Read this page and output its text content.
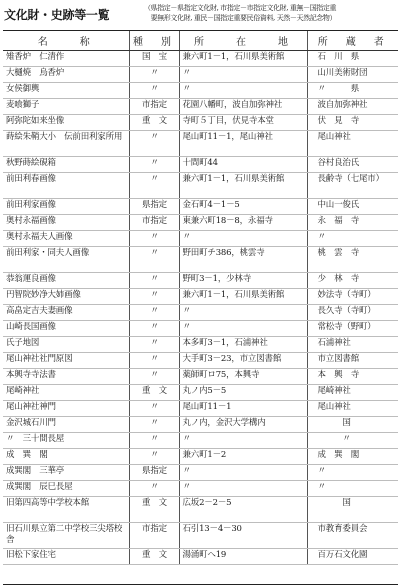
文化財・史跡等一覧	（県指定－県指定文化財, 市指定－市指定文化財, 重無－国指定重
　要無形文化財, 重民－国指定重要民俗資料, 天然－天然記念物）
名　　称	種　別	所　　在　　地	所　蔵　者
雉香炉　仁清作	国　宝	兼六町1－1，石川県美術館	石　川　県
大樋焼　烏香炉	〃	〃	山川美術財団
女侯御輿	〃	〃	〃　　　県
麦喰獅子	市指定	花園八幡町，波自加弥神社	波自加弥神社
阿弥陀如来坐像	重　文	寺町５丁目，伏見寺本堂	伏　見　寺
蒔絵朱鞘大小　伝前田利家所用	〃	尾山町11－1，尾山神社	尾山神社
秋野蒔絵硯箱	〃	十間町44	谷村良治氏
前田利春画像	〃	兼六町1－1，石川県美術館	長齢寺（七尾市）
前田利家画像	県指定	金石町4－1－5	中山一俊氏
奥村永福画像	市指定	東兼六町18－8，永福寺	永　福　寺
奥村永福夫人画像	〃	〃	〃
前田利家・同夫人画像	〃	野田町チ386，桃雲寺	桃　雲　寺
恭翁運良画像	〃	野町3－1，少林寺	少　林　寺
円智院妙净大姉画像	〃	兼六町1－1，石川県美術館	妙法寺（寺町）
高畠定吉夫妻画像	〃	〃	長久寺（寺町）
山崎長国画像	〃	〃	常松寺（野町）
氏子地図	〃	本多町3－1，石浦神社	石浦神社
尾山神社社門原図	〃	大手町3－23，市立図書館	市立図書館
本興寺寺法書	〃	薬師町ロ75，本興寺	本　興　寺
尾崎神社	重　文	丸ノ内5－5	尾崎神社
尾山神社神門	〃	尾山町11－1	尾山神社
金沢城石川門	〃	丸ノ内，金沢大学構内	　　　国
〃　三十間長屋	〃	〃	　　　〃
成　巽　閣	〃	兼六町1－2	成　巽　閣
成巽閣　三華亭	県指定	〃	〃
成巽閣　辰巳長屋	〃	〃	〃
旧第四高等中学校本館	重　文	広坂2－2－5	　　　国
旧石川県立第二中学校三尖塔校舎	市指定	石引13－4－30	市教育委員会
旧松下家住宅	重　文	湯涌町へ19	百万石文化園
